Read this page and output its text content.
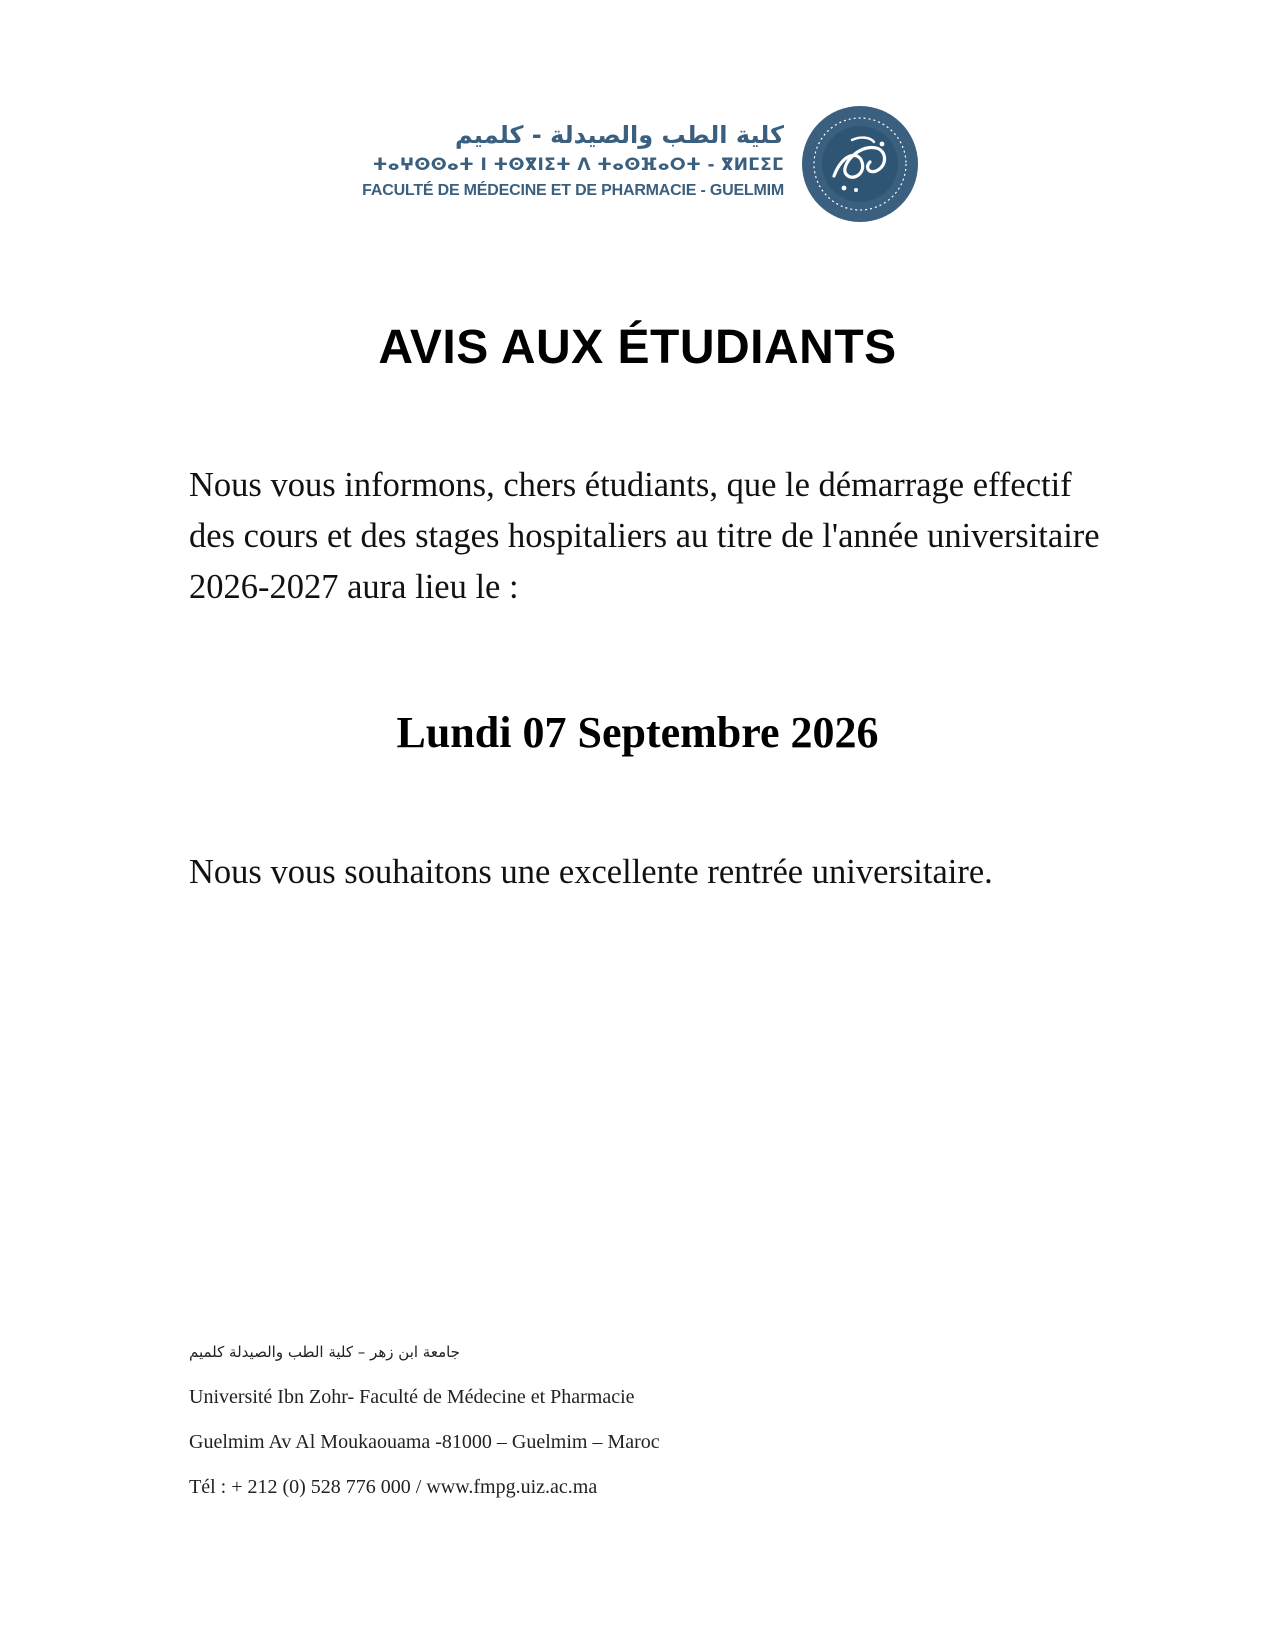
كلية الطب والصيدلة - كلميم
ⵜⴰⵖⵙⵙⴰⵜ ⵏ ⵜⵙⴳⵏⵉⵜ ⴷ ⵜⴰⵙⴼⴰⵔⵜ - ⴳⵍⵎⵉⵎ
FACULTÉ DE MÉDECINE ET DE PHARMACIE - GUELMIM
AVIS AUX ÉTUDIANTS

Nous vous informons, chers étudiants, que le démarrage effectif des cours et des stages hospitaliers au titre de l'année universitaire 2026-2027 aura lieu le :

Lundi 07 Septembre 2026

Nous vous souhaitons une excellente rentrée universitaire.

جامعة ابن زهر – كلية الطب والصيدلة كلميم
Université Ibn Zohr- Faculté de Médecine et Pharmacie
Guelmim Av Al Moukaouama -81000 – Guelmim – Maroc
Tél : + 212 (0) 528 776 000 / www.fmpg.uiz.ac.ma
